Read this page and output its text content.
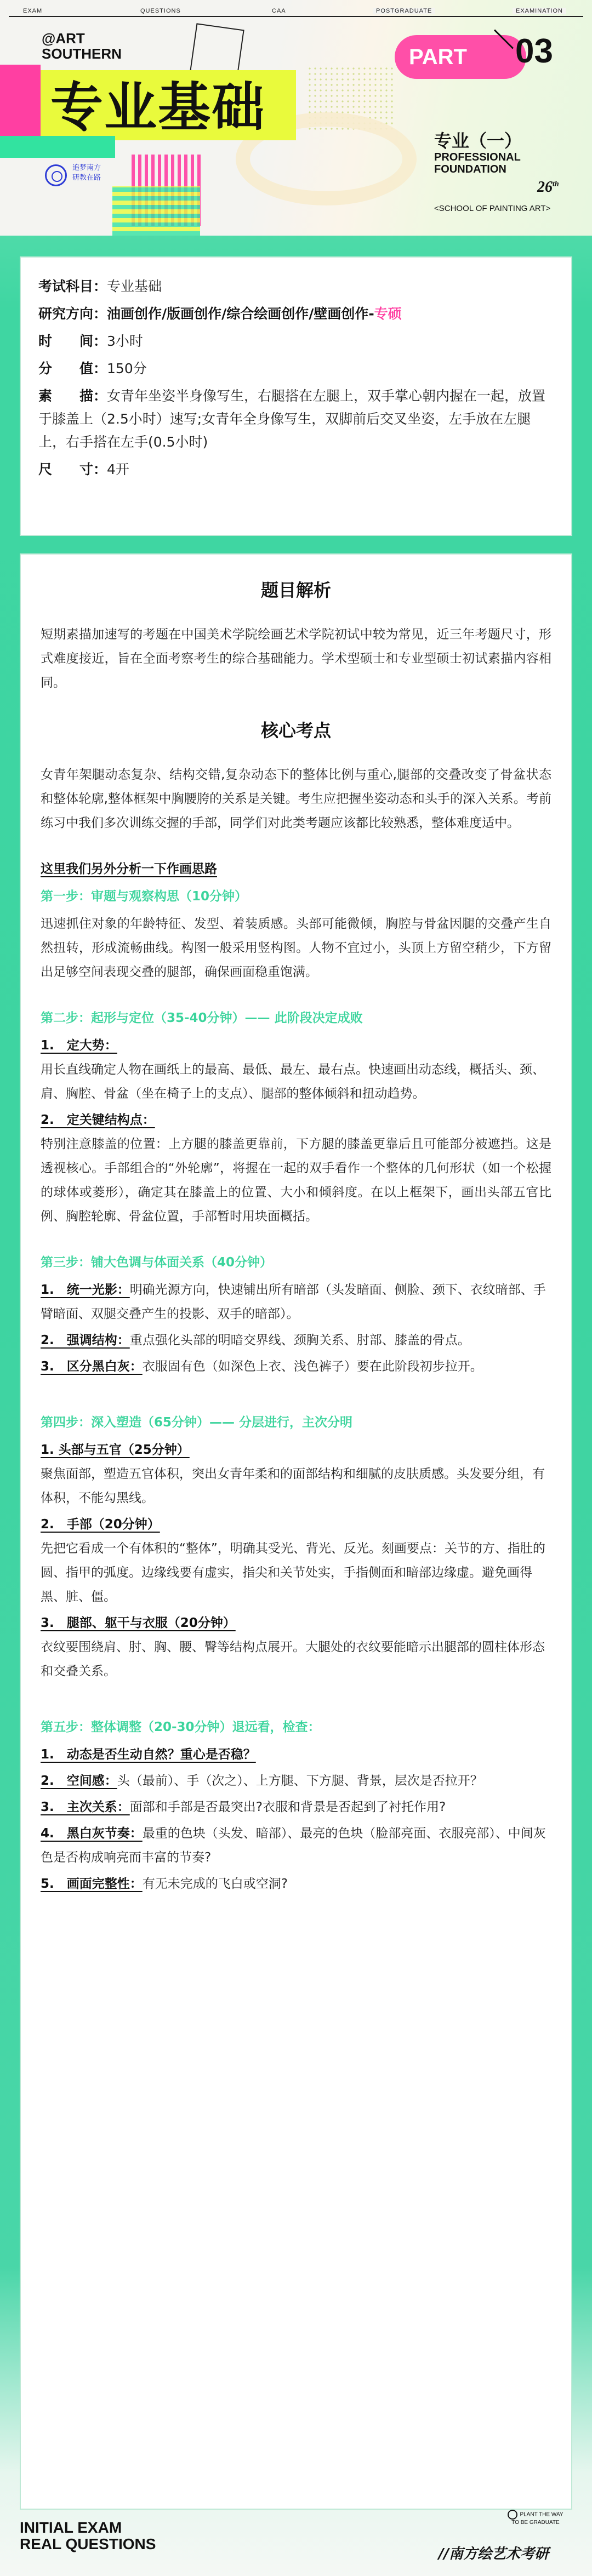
EXAM	QUESTIONS	CAA	POSTGRADUATE	EXAMINATION
@ART
SOUTHERN
专业基础
追梦南方
研教在路
PART 03
专业（一）
PROFESSIONAL
FOUNDATION
26th
<SCHOOL OF PAINTING ART>
考试科目：专业基础
研究方向：油画创作/版画创作/综合绘画创作/壁画创作-专硕
时　　间：3小时
分　　值：150分
素　　描：女青年坐姿半身像写生，右腿搭在左腿上，双手掌心朝内握在一起，放置于膝盖上（2.5小时）速写;女青年全身像写生，双脚前后交叉坐姿，左手放在左腿上，右手搭在左手(0.5小时)
尺　　寸：4开
题目解析
短期素描加速写的考题在中国美术学院绘画艺术学院初试中较为常见，近三年考题尺寸，形式难度接近，旨在全面考察考生的综合基础能力。学术型硕士和专业型硕士初试素描内容相同。
核心考点
女青年架腿动态复杂、结构交错,复杂动态下的整体比例与重心,腿部的交叠改变了骨盆状态和整体轮廓,整体框架中胸腰胯的关系是关键。考生应把握坐姿动态和头手的深入关系。考前练习中我们多次训练交握的手部，同学们对此类考题应该都比较熟悉，整体难度适中。
这里我们另外分析一下作画思路
第一步：审题与观察构思（10分钟）
迅速抓住对象的年龄特征、发型、着装质感。头部可能微倾，胸腔与骨盆因腿的交叠产生自然扭转，形成流畅曲线。构图一般采用竖构图。人物不宜过小，头顶上方留空稍少，下方留出足够空间表现交叠的腿部，确保画面稳重饱满。
第二步：起形与定位（35-40分钟）—— 此阶段决定成败
1.　定大势：
用长直线确定人物在画纸上的最高、最低、最左、最右点。快速画出动态线，概括头、颈、肩、胸腔、骨盆（坐在椅子上的支点）、腿部的整体倾斜和扭动趋势。
2.　定关键结构点：
特别注意膝盖的位置：上方腿的膝盖更靠前，下方腿的膝盖更靠后且可能部分被遮挡。这是透视核心。手部组合的“外轮廓”，将握在一起的双手看作一个整体的几何形状（如一个松握的球体或菱形），确定其在膝盖上的位置、大小和倾斜度。在以上框架下，画出头部五官比例、胸腔轮廓、骨盆位置，手部暂时用块面概括。
第三步：铺大色调与体面关系（40分钟）
1.　统一光影：明确光源方向，快速铺出所有暗部（头发暗面、侧脸、颈下、衣纹暗部、手臂暗面、双腿交叠产生的投影、双手的暗部）。
2.　强调结构：重点强化头部的明暗交界线、颈胸关系、肘部、膝盖的骨点。
3.　区分黑白灰：衣服固有色（如深色上衣、浅色裤子）要在此阶段初步拉开。
第四步：深入塑造（65分钟）—— 分层进行，主次分明
1. 头部与五官（25分钟）
聚焦面部，塑造五官体积，突出女青年柔和的面部结构和细腻的皮肤质感。头发要分组，有体积，不能勾黑线。
2.　手部（20分钟）
先把它看成一个有体积的“整体”，明确其受光、背光、反光。刻画要点：关节的方、指肚的圆、指甲的弧度。边缘线要有虚实，指尖和关节处实，手指侧面和暗部边缘虚。避免画得黑、脏、僵。
3.　腿部、躯干与衣服（20分钟）
衣纹要围绕肩、肘、胸、腰、臀等结构点展开。大腿处的衣纹要能暗示出腿部的圆柱体形态和交叠关系。
第五步：整体调整（20-30分钟）退远看，检查：
1.　动态是否生动自然？重心是否稳？
2.　空间感：头（最前）、手（次之）、上方腿、下方腿、背景，层次是否拉开？
3.　主次关系：面部和手部是否最突出?衣服和背景是否起到了衬托作用?
4.　黑白灰节奏：最重的色块（头发、暗部）、最亮的色块（脸部亮面、衣服亮部）、中间灰色是否构成响亮而丰富的节奏?
5.　画面完整性：有无未完成的飞白或空洞?
INITIAL EXAM
REAL QUESTIONS
PLANT THE WAY TO BE GRADUATE
//南方绘艺术考研
